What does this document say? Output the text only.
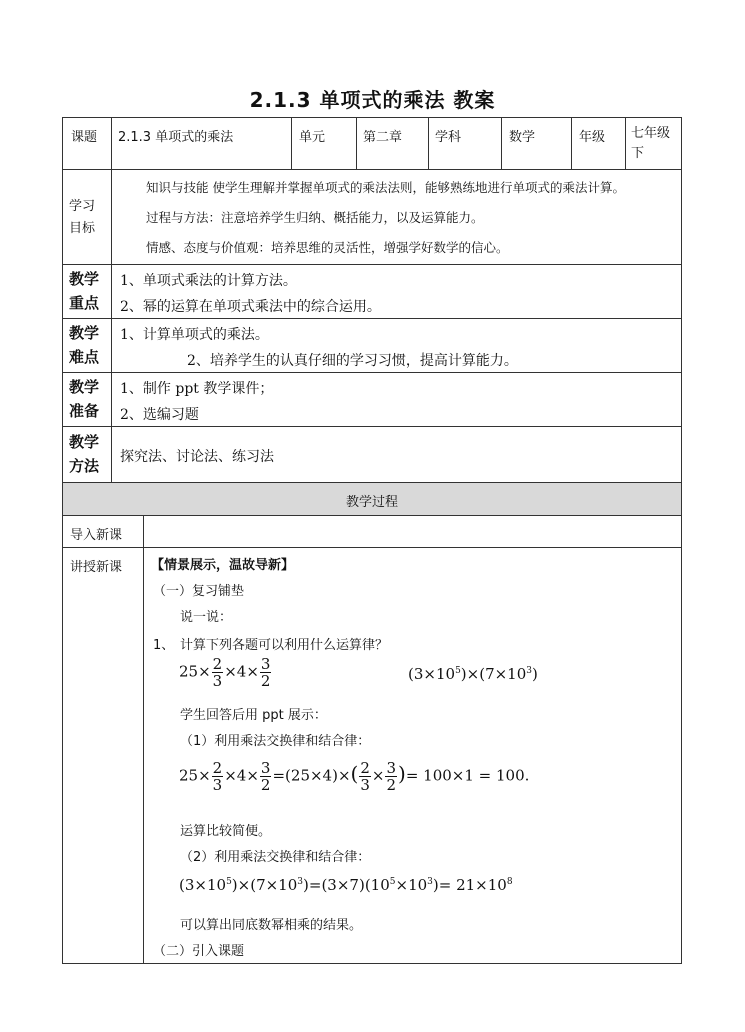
2.1.3 单项式的乘法 教案
课题 2.1.3 单项式的乘法	单元	第二章	学科	数学	年级 七年级下
学习目标
知识与技能 使学生理解并掌握单项式的乘法法则，能够熟练地进行单项式的乘法计算。
过程与方法：注意培养学生归纳、概括能力，以及运算能力。
情感、态度与价值观：培养思维的灵活性，增强学好数学的信心。
教学重点
1、单项式乘法的计算方法。
2、幂的运算在单项式乘法中的综合运用。
教学难点
1、计算单项式的乘法。
2、培养学生的认真仔细的学习习惯，提高计算能力。
教学准备
1、制作 ppt 教学课件；
2、选编习题
教学方法 探究法、讨论法、练习法
教学过程
导入新课
讲授新课 【情景展示，温故导新】
（一）复习铺垫
说一说：
1、 计算下列各题可以利用什么运算律？
$25\times \frac{2}{3} \times 4\times \frac{3}{2}$	$(3\times 10^5)\times(7\times 10^3)$
学生回答后用 ppt 展示：
（1）利用乘法交换律和结合律：
$25\times \frac{2}{3} \times 4\times \frac{3}{2} =(25\times 4)\times( \frac{2}{3} \times \frac{3}{2}$ )= 100×1 = 100.
运算比较简便。
（2）利用乘法交换律和结合律：
$(3\times 10^5)\times(7\times 10^3)=(3\times 7)(10^5\times 10^3)= 21\times 10^8$
可以算出同底数幂相乘的结果。
（二）引入课题
